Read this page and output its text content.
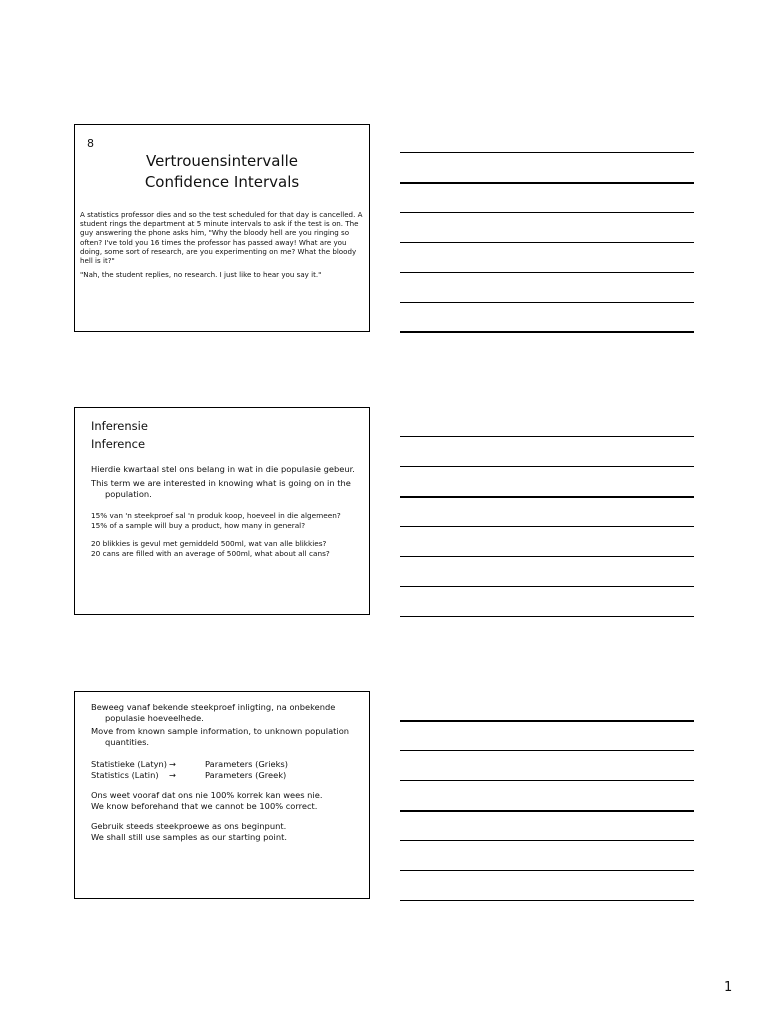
8
Vertrouensintervalle
Confidence Intervals

A statistics professor dies and so the test scheduled for that day is cancelled. A student rings the department at 5 minute intervals to ask if the test is on. The guy answering the phone asks him, "Why the bloody hell are you ringing so often? I've told you 16 times the professor has passed away! What are you doing, some sort of research, are you experimenting on me? What the bloody hell is it?"

"Nah, the student replies, no research. I just like to hear you say it."

Inferensie
Inference

Hierdie kwartaal stel ons belang in wat in die populasie gebeur.

This term we are interested in knowing what is going on in the population.

15% van 'n steekproef sal 'n produk koop, hoeveel in die algemeen?

15% of a sample will buy a product, how many in general?

20 blikkies is gevul met gemiddeld 500ml, wat van alle blikkies?

20 cans are filled with an average of 500ml, what about all cans?

Beweeg vanaf bekende steekproef inligting, na onbekende populasie hoeveelhede.

Move from known sample information, to unknown population quantities.

Statistieke (Latyn) →	Parameters (Grieks)
Statistics (Latin)	→	Parameters (Greek)

Ons weet vooraf dat ons nie 100% korrek kan wees nie.

We know beforehand that we cannot be 100% correct.

Gebruik steeds steekproewe as ons beginpunt.

We shall still use samples as our starting point.

1
